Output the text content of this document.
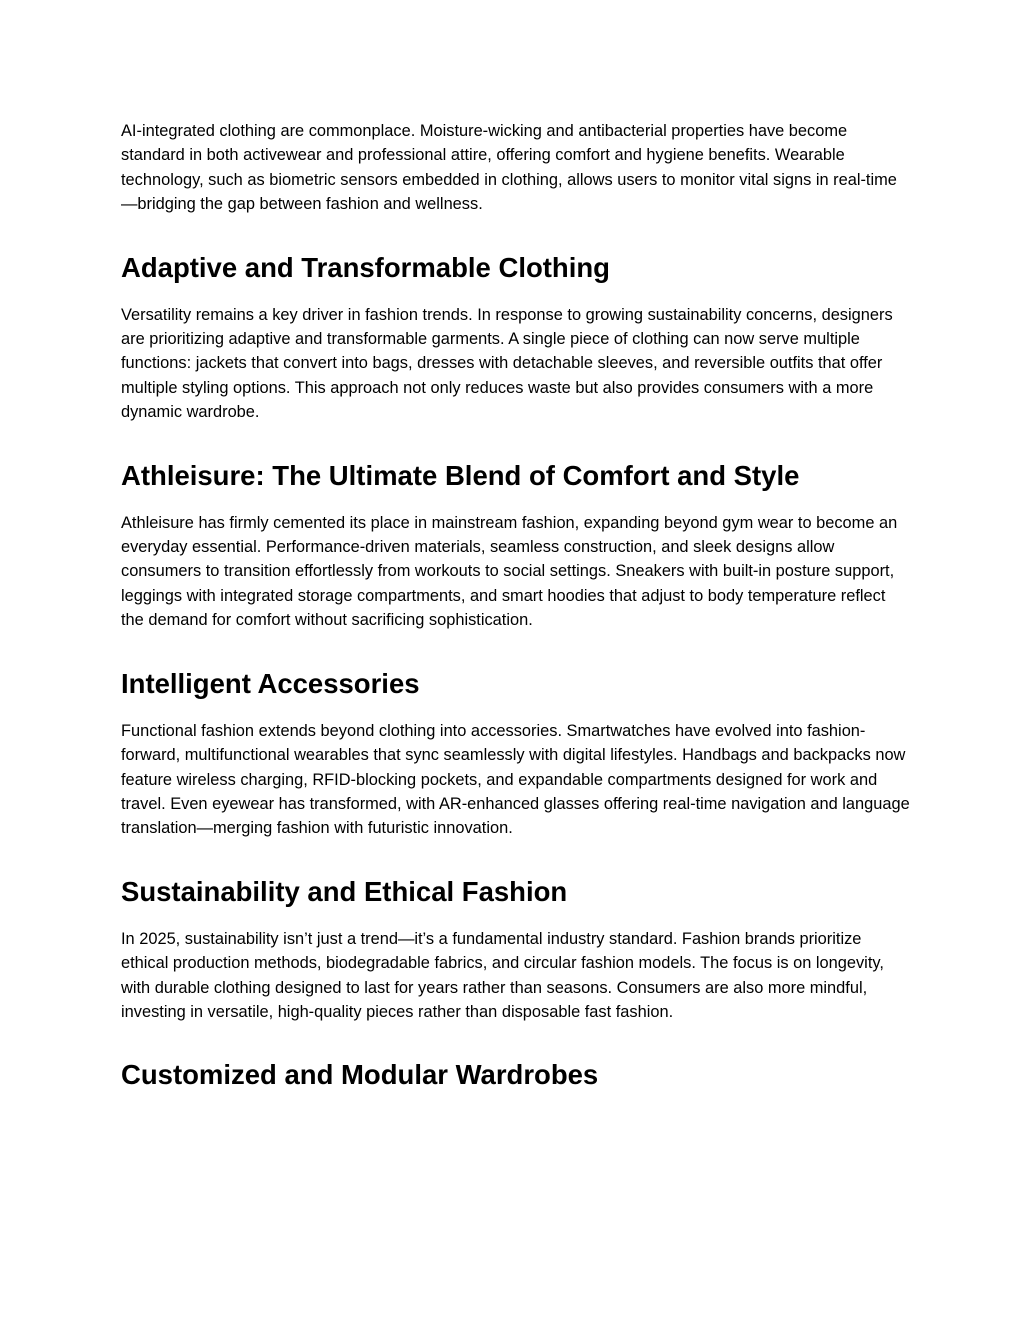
AI-integrated clothing are commonplace. Moisture-wicking and antibacterial properties have become standard in both activewear and professional attire, offering comfort and hygiene benefits. Wearable technology, such as biometric sensors embedded in clothing, allows users to monitor vital signs in real-time—bridging the gap between fashion and wellness.

Adaptive and Transformable Clothing

Versatility remains a key driver in fashion trends. In response to growing sustainability concerns, designers are prioritizing adaptive and transformable garments. A single piece of clothing can now serve multiple functions: jackets that convert into bags, dresses with detachable sleeves, and reversible outfits that offer multiple styling options. This approach not only reduces waste but also provides consumers with a more dynamic wardrobe.

Athleisure: The Ultimate Blend of Comfort and Style

Athleisure has firmly cemented its place in mainstream fashion, expanding beyond gym wear to become an everyday essential. Performance-driven materials, seamless construction, and sleek designs allow consumers to transition effortlessly from workouts to social settings. Sneakers with built-in posture support, leggings with integrated storage compartments, and smart hoodies that adjust to body temperature reflect the demand for comfort without sacrificing sophistication.

Intelligent Accessories

Functional fashion extends beyond clothing into accessories. Smartwatches have evolved into fashion-forward, multifunctional wearables that sync seamlessly with digital lifestyles. Handbags and backpacks now feature wireless charging, RFID-blocking pockets, and expandable compartments designed for work and travel. Even eyewear has transformed, with AR-enhanced glasses offering real-time navigation and language translation—merging fashion with futuristic innovation.

Sustainability and Ethical Fashion

In 2025, sustainability isn’t just a trend—it’s a fundamental industry standard. Fashion brands prioritize ethical production methods, biodegradable fabrics, and circular fashion models. The focus is on longevity, with durable clothing designed to last for years rather than seasons. Consumers are also more mindful, investing in versatile, high-quality pieces rather than disposable fast fashion.

Customized and Modular Wardrobes
